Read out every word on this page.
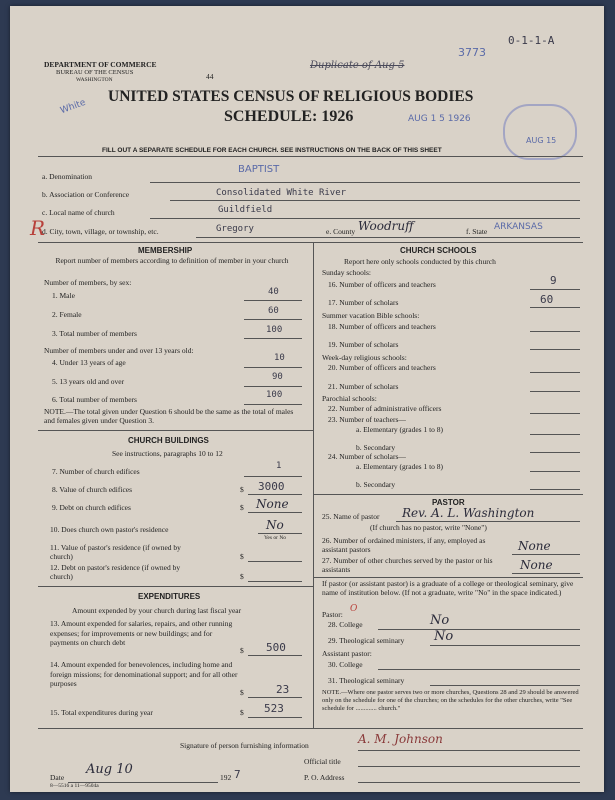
DEPARTMENT OF COMMERCE
BUREAU OF THE CENSUS
WASHINGTON	44
Duplicate of Aug 5
3773
0-1-1-A
White
AUG 1 5 1926
AUG 15
UNITED STATES CENSUS OF RELIGIOUS BODIES
SCHEDULE: 1926
FILL OUT A SEPARATE SCHEDULE FOR EACH CHURCH. SEE INSTRUCTIONS ON THE BACK OF THIS SHEET
a. Denomination
BAPTIST
b. Association or Conference	Consolidated White River
c. Local name of church	Guildfield
R
d. City, town, village, or township, etc.	Gregory	e. County Woodruff	f. State ARKANSAS
MEMBERSHIP
Report number of members according to definition of member in your church
Number of members, by sex:
1. Male	40
2. Female	60
3. Total number of members	100
Number of members under and over 13 years old:
4. Under 13 years of age	10
5. 13 years old and over	90
6. Total number of members	100
NOTE.—The total given under Question 6 should be the same as the total of males and females given under Question 3.
CHURCH BUILDINGS
See instructions, paragraphs 10 to 12
7. Number of church edifices
1
8. Value of church edifices	$ 3000
9. Debt on church edifices	$ None
10. Does church own pastor's residence	No
Yes or No
11. Value of pastor's residence (if owned by church)	$
12. Debt on pastor's residence (if owned by church)	$
EXPENDITURES
Amount expended by your church during last fiscal year
13. Amount expended for salaries, repairs, and other running expenses; for improvements or new buildings; and for payments on church debt
$ 500
14. Amount expended for benevolences, including home and foreign missions; for denominational support; and for all other purposes
$	23
15. Total expenditures during year	$ 523
CHURCH SCHOOLS
Report here only schools conducted by this church
Sunday schools:
16. Number of officers and teachers	9
17. Number of scholars	60
Summer vacation Bible schools:
18. Number of officers and teachers
19. Number of scholars
Week-day religious schools:
20. Number of officers and teachers
21. Number of scholars
Parochial schools:
22. Number of administrative officers
23. Number of teachers—
a. Elementary (grades 1 to 8)
b. Secondary
24. Number of scholars—
a. Elementary (grades 1 to 8)
b. Secondary
PASTOR
25. Name of pastor Rev. A. L. Washington
(If church has no pastor, write "None")
26. Number of ordained ministers, if any, employed as assistant pastors	None
27. Number of other churches served by the pastor or his assistants	None
If pastor (or assistant pastor) is a graduate of a college or theological seminary, give name of institution below. (If not a graduate, write "No" in the space indicated.)
Pastor:
O
28. College	No
29. Theological seminary No
Assistant pastor:
30. College
31. Theological seminary
NOTE.—Where one pastor serves two or more churches, Questions 28 and 29 should be answered only on the schedule for one of the churches; on the schedules for the other churches, write "See schedule for ............. church."
Signature of person furnishing information	A. M. Johnson
Official title
Date
Aug 10
192 7	P. O. Address
8—5516 a 11—9504a
